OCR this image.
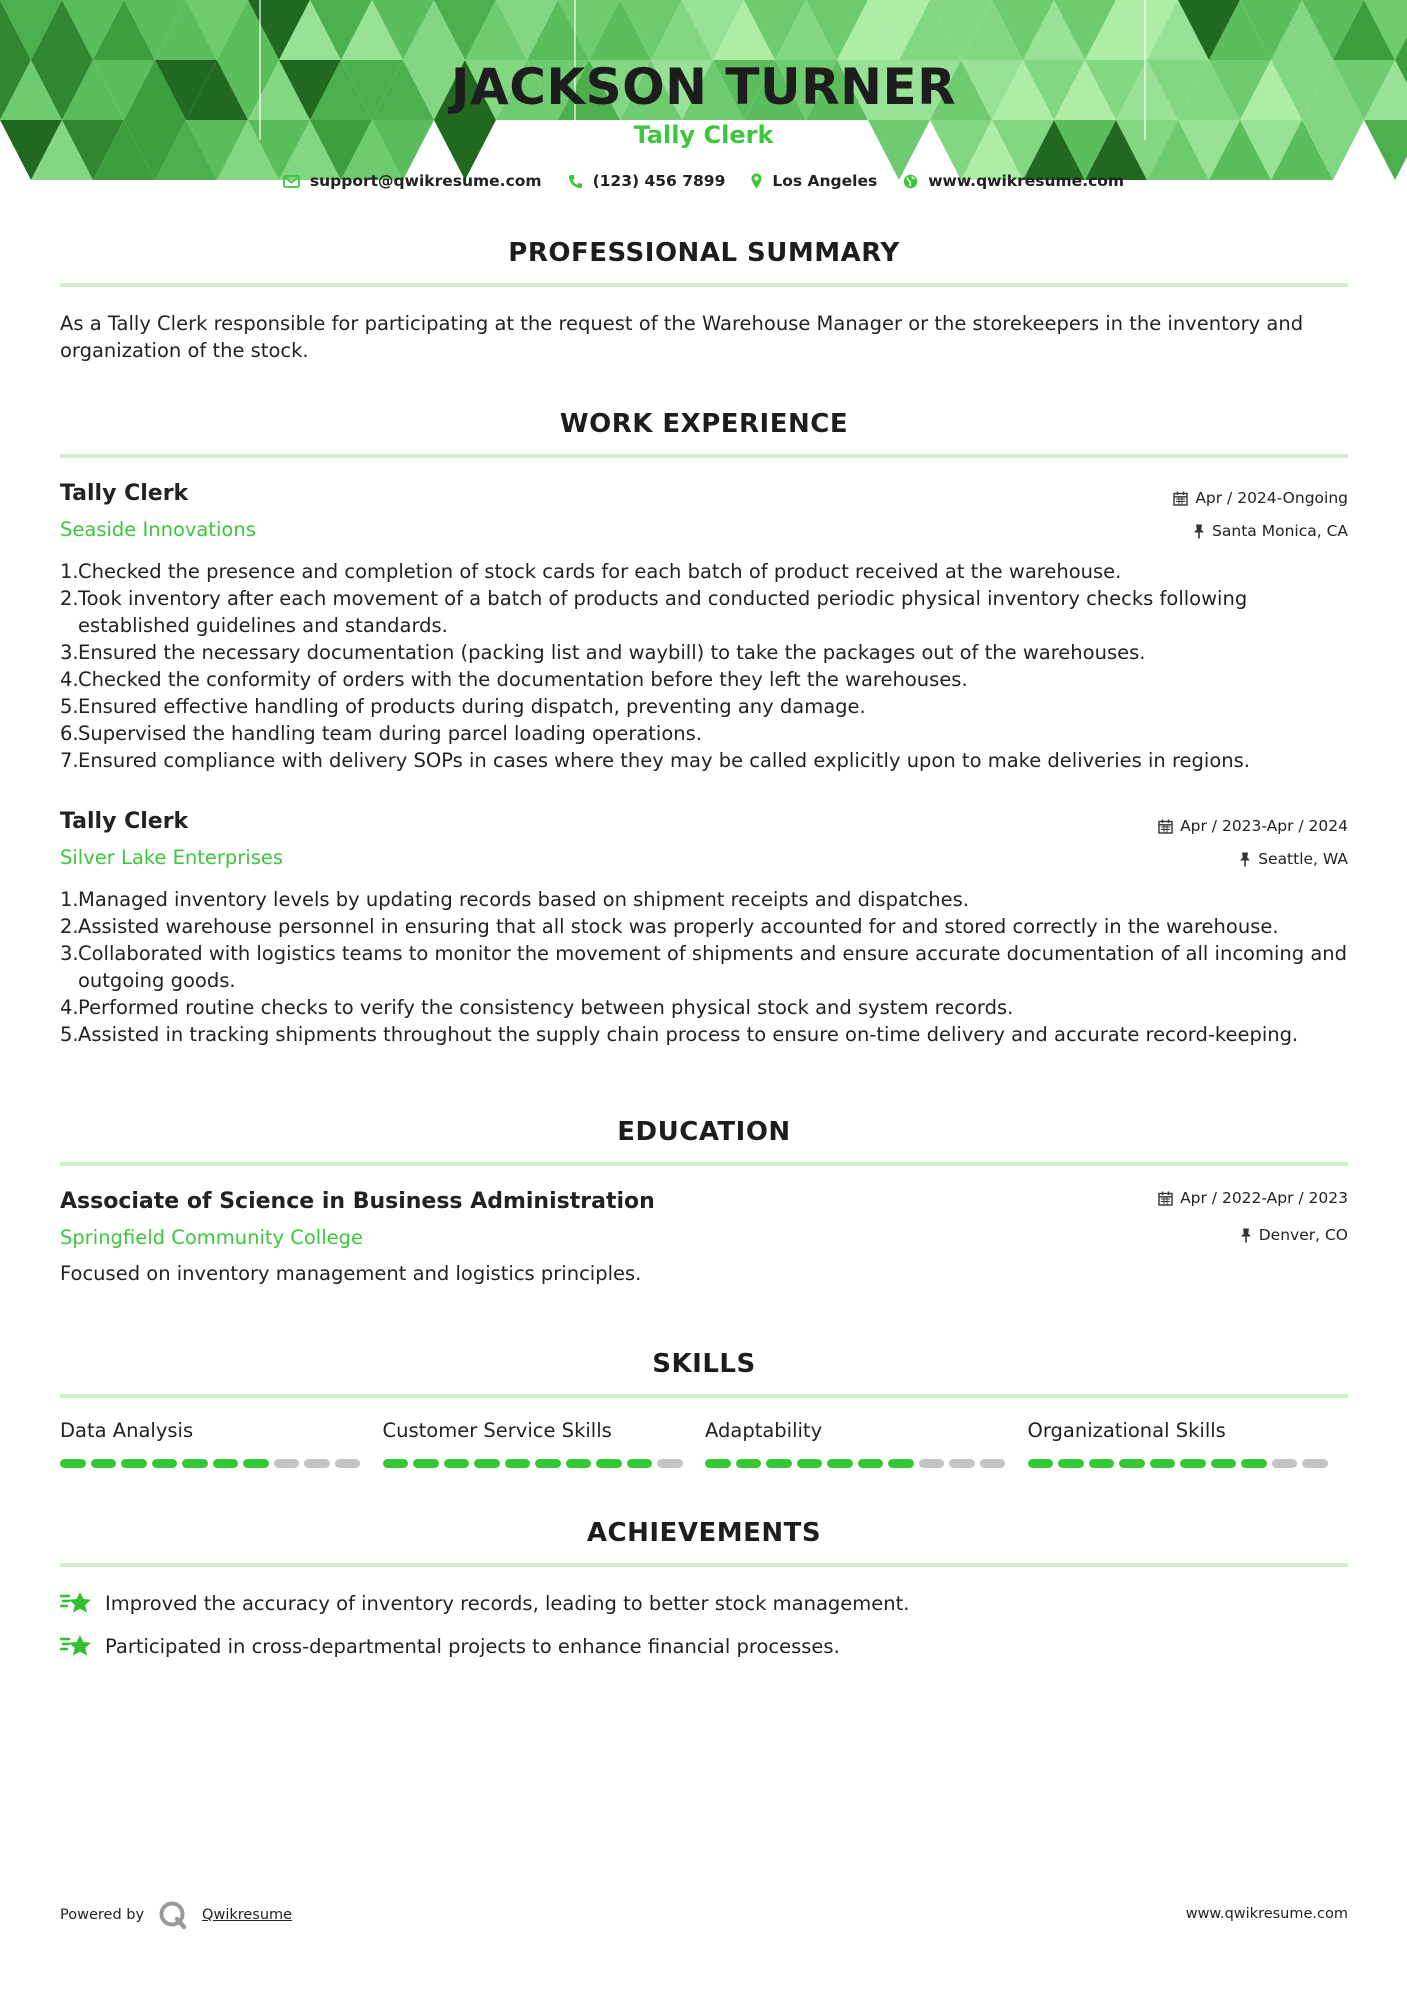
JACKSON TURNER
Tally Clerk
support@qwikresume.com	(123) 456 7899	Los Angeles	www.qwikresume.com
PROFESSIONAL SUMMARY
As a Tally Clerk responsible for participating at the request of the Warehouse Manager or the storekeepers in the inventory and organization of the stock.
WORK EXPERIENCE
Tally Clerk
Seaside Innovations
Apr / 2024-Ongoing
Santa Monica, CA
Checked the presence and completion of stock cards for each batch of product received at the warehouse.
Took inventory after each movement of a batch of products and conducted periodic physical inventory checks following established guidelines and standards.
Ensured the necessary documentation (packing list and waybill) to take the packages out of the warehouses.
Checked the conformity of orders with the documentation before they left the warehouses.
Ensured effective handling of products during dispatch, preventing any damage.
Supervised the handling team during parcel loading operations.
Ensured compliance with delivery SOPs in cases where they may be called explicitly upon to make deliveries in regions.
Tally Clerk
Silver Lake Enterprises
Apr / 2023-Apr / 2024
Seattle, WA
Managed inventory levels by updating records based on shipment receipts and dispatches.
Assisted warehouse personnel in ensuring that all stock was properly accounted for and stored correctly in the warehouse.
Collaborated with logistics teams to monitor the movement of shipments and ensure accurate documentation of all incoming and outgoing goods.
Performed routine checks to verify the consistency between physical stock and system records.
Assisted in tracking shipments throughout the supply chain process to ensure on-time delivery and accurate record-keeping.
EDUCATION
Associate of Science in Business Administration
Springfield Community College
Apr / 2022-Apr / 2023
Denver, CO
Focused on inventory management and logistics principles.
SKILLS
Data Analysis	Customer Service Skills	Adaptability	Organizational Skills
ACHIEVEMENTS
Improved the accuracy of inventory records, leading to better stock management.
Participated in cross-departmental projects to enhance financial processes.
Powered by	Qwikresume	www.qwikresume.com
